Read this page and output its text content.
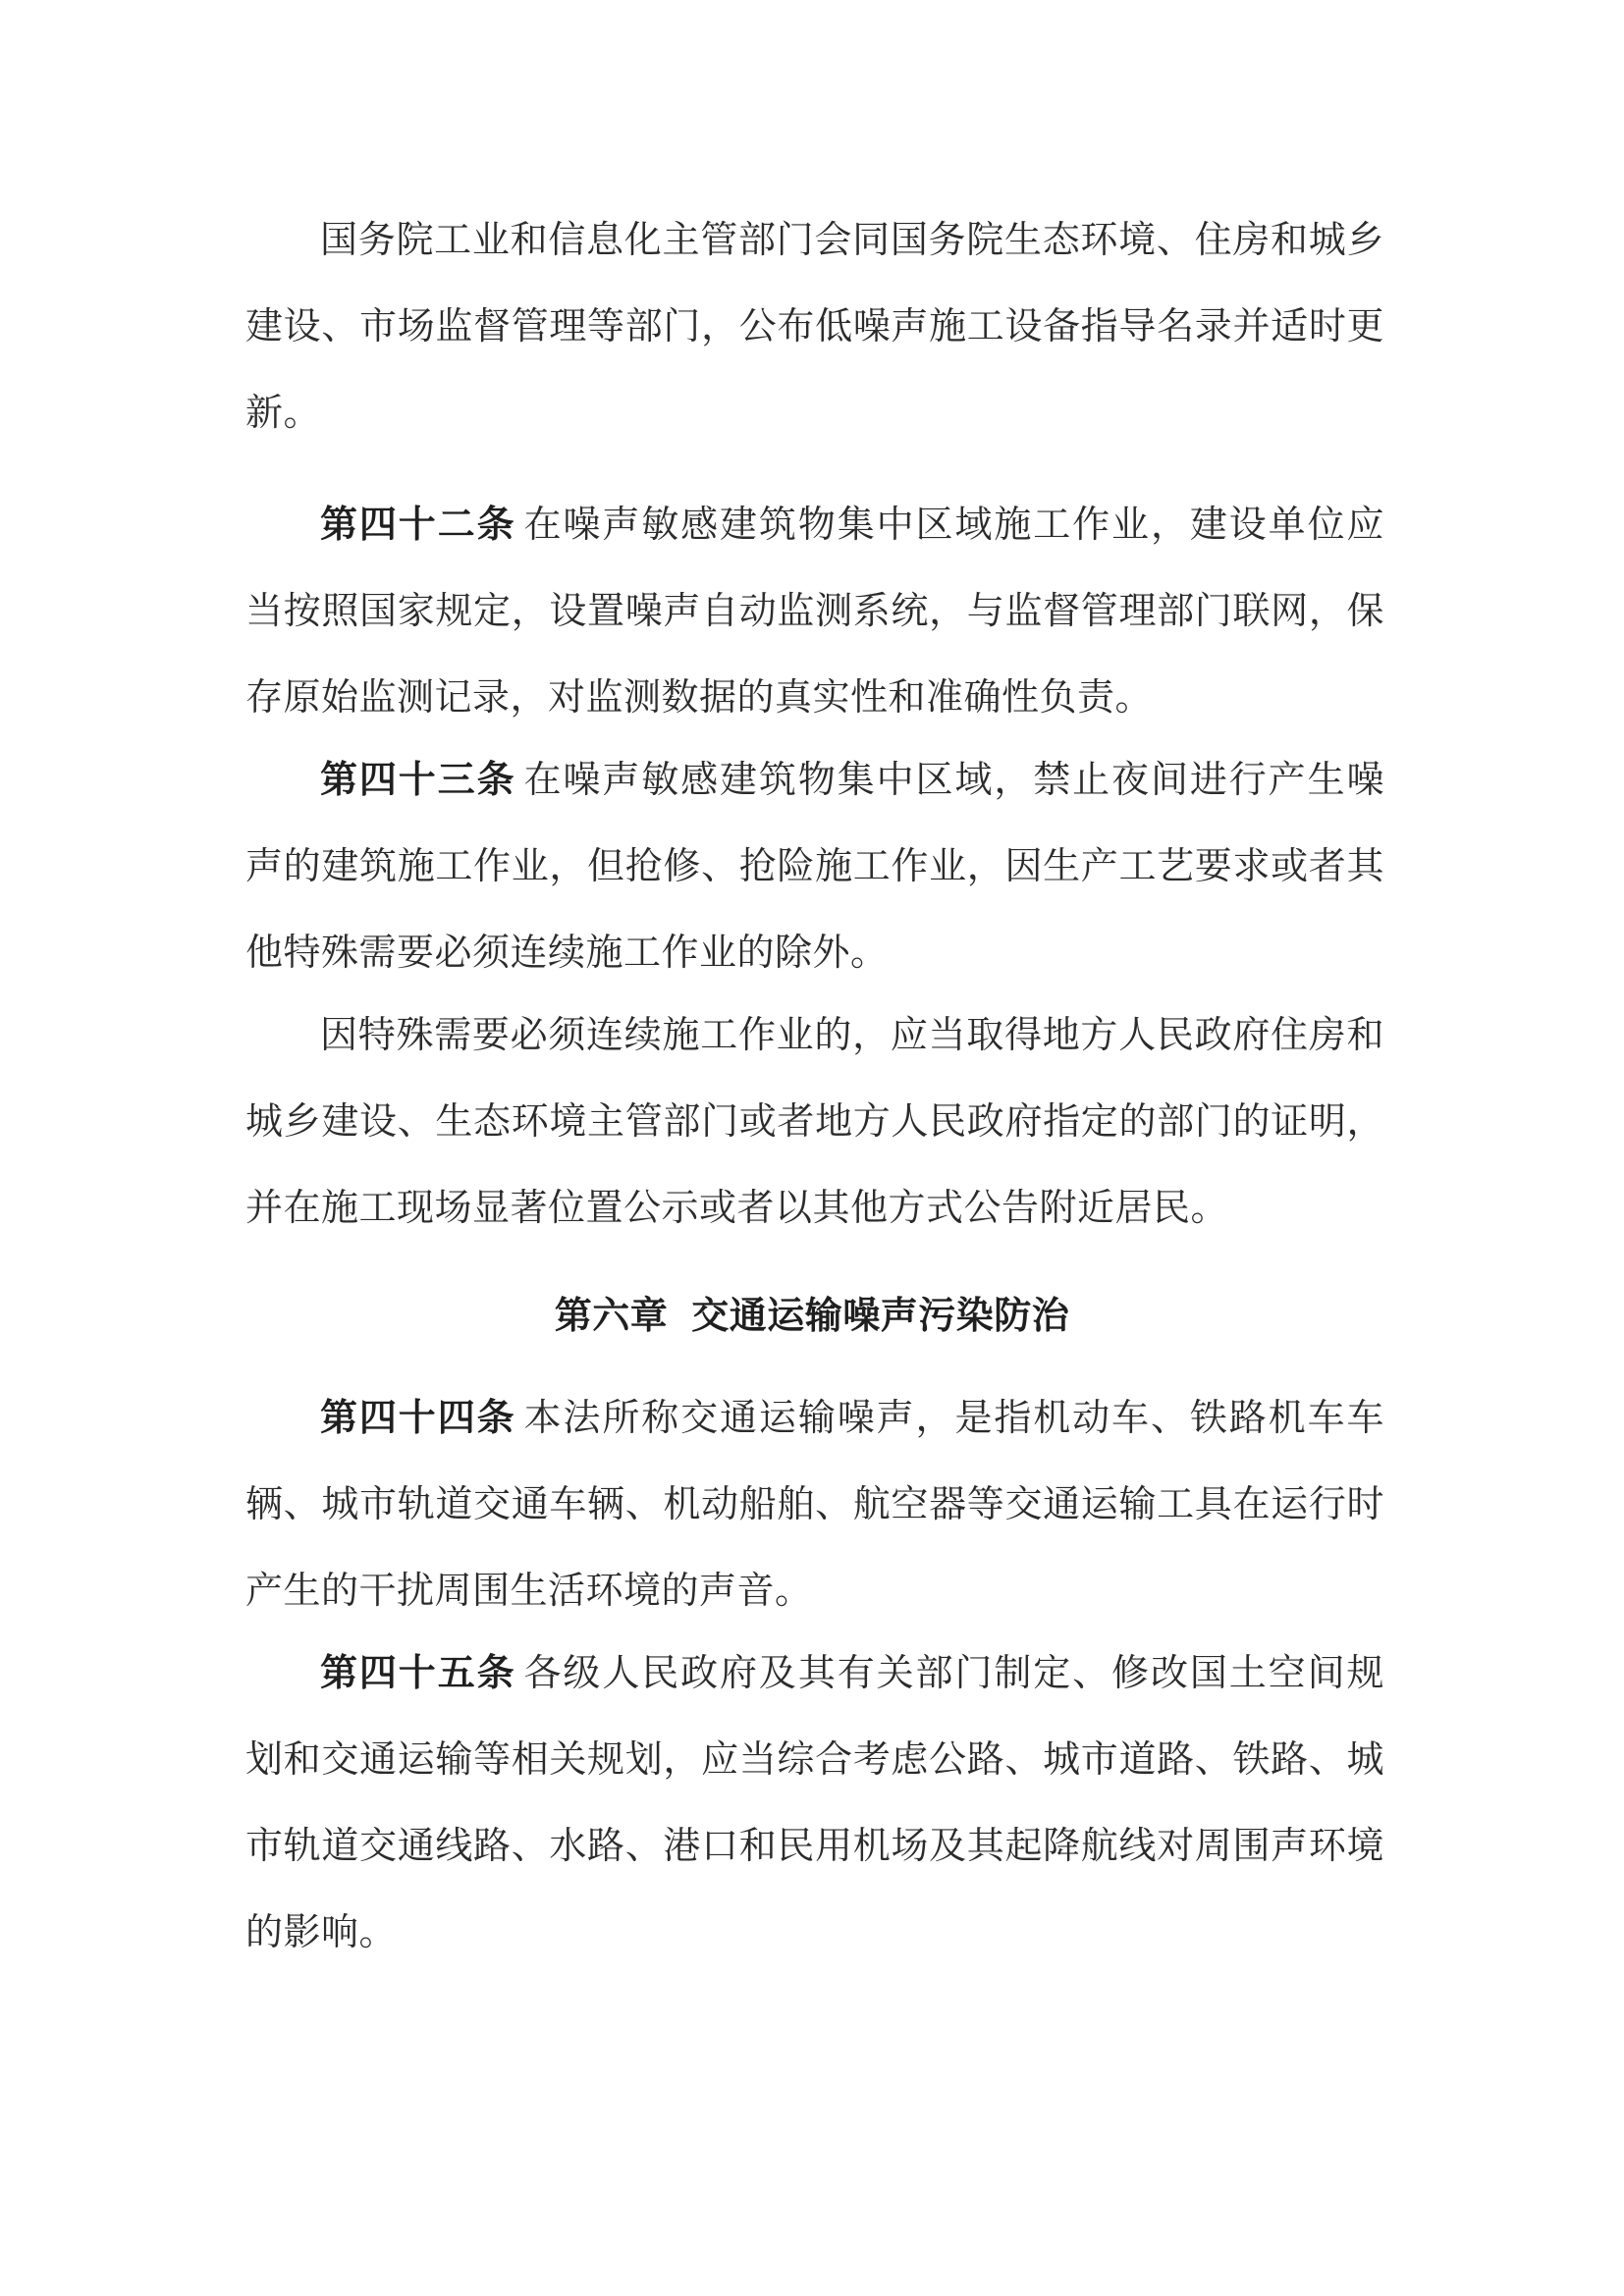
国务院工业和信息化主管部门会同国务院生态环境、住房和城乡建设、市场监督管理等部门，公布低噪声施工设备指导名录并适时更新。

第四十二条 在噪声敏感建筑物集中区域施工作业，建设单位应当按照国家规定，设置噪声自动监测系统，与监督管理部门联网，保存原始监测记录，对监测数据的真实性和准确性负责。

第四十三条 在噪声敏感建筑物集中区域，禁止夜间进行产生噪声的建筑施工作业，但抢修、抢险施工作业，因生产工艺要求或者其他特殊需要必须连续施工作业的除外。

因特殊需要必须连续施工作业的，应当取得地方人民政府住房和城乡建设、生态环境主管部门或者地方人民政府指定的部门的证明，并在施工现场显著位置公示或者以其他方式公告附近居民。

第六章 交通运输噪声污染防治

第四十四条 本法所称交通运输噪声，是指机动车、铁路机车车辆、城市轨道交通车辆、机动船舶、航空器等交通运输工具在运行时产生的干扰周围生活环境的声音。

第四十五条 各级人民政府及其有关部门制定、修改国土空间规划和交通运输等相关规划，应当综合考虑公路、城市道路、铁路、城市轨道交通线路、水路、港口和民用机场及其起降航线对周围声环境的影响。
